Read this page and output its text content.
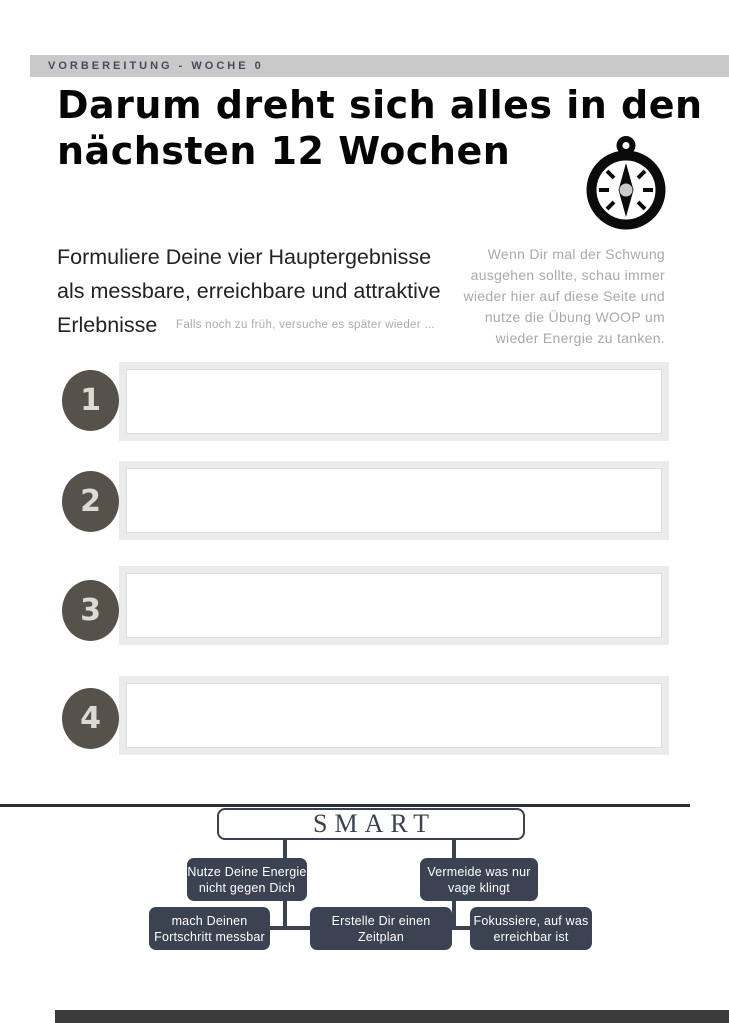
VORBEREITUNG - WOCHE 0
Darum dreht sich alles in den
nächsten 12 Wochen
Formuliere Deine vier Hauptergebnisse
als messbare, erreichbare und attraktive
Erlebnisse	Falls noch zu früh, versuche es später wieder ...
Wenn Dir mal der Schwung
ausgehen sollte, schau immer
wieder hier auf diese Seite und
nutze die Übung WOOP um
wieder Energie zu tanken.
1
2
3
4
SMART
Nutze Deine Energie
nicht gegen Dich
Vermeide was nur
vage klingt
mach Deinen
Fortschritt messbar
Erstelle Dir einen
Zeitplan
Fokussiere, auf was
erreichbar ist
